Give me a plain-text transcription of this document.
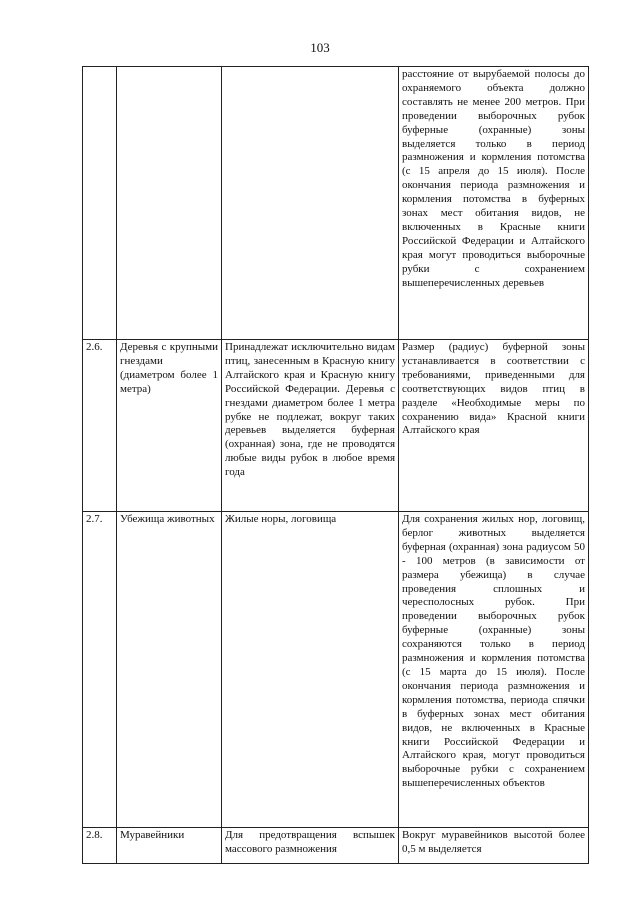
103
			расстояние от вырубаемой полосы до охраняемого объекта должно составлять не менее 200 метров. При проведении выборочных рубок буферные (охранные) зоны выделяется только в период размножения и кормления потомства (с 15 апреля до 15 июля). После окончания периода размножения и кормления потомства в буферных зонах мест обитания видов, не включенных в Красные книги Российской Федерации и Алтайского края могут проводиться выборочные рубки с сохранением вышеперечисленных деревьев
2.6.	Деревья с крупными гнездами (диаметром более 1 метра)	Принадлежат исключительно видам птиц, занесенным в Красную книгу Алтайского края и Красную книгу Российской Федерации. Деревья с гнездами диаметром более 1 метра рубке не подлежат, вокруг таких деревьев выделяется буферная (охранная) зона, где не проводятся любые виды рубок в любое время года	Размер (радиус) буферной зоны устанавливается в соответствии с требованиями, приведенными для соответствующих видов птиц в разделе «Необходимые меры по сохранению вида» Красной книги Алтайского края
2.7.	Убежища животных	Жилые норы, логовища	Для сохранения жилых нор, логовищ, берлог животных выделяется буферная (охранная) зона радиусом 50 - 100 метров (в зависимости от размера убежища) в случае проведения сплошных и чересполосных рубок. При проведении выборочных рубок буферные (охранные) зоны сохраняются только в период размножения и кормления потомства (с 15 марта до 15 июля). После окончания периода размножения и кормления потомства, периода спячки в буферных зонах мест обитания видов, не включенных в Красные книги Российской Федерации и Алтайского края, могут проводиться выборочные рубки с сохранением вышеперечисленных объектов
2.8.	Муравейники	Для предотвращения вспышек массового размножения	Вокруг муравейников высотой более 0,5 м выделяется
